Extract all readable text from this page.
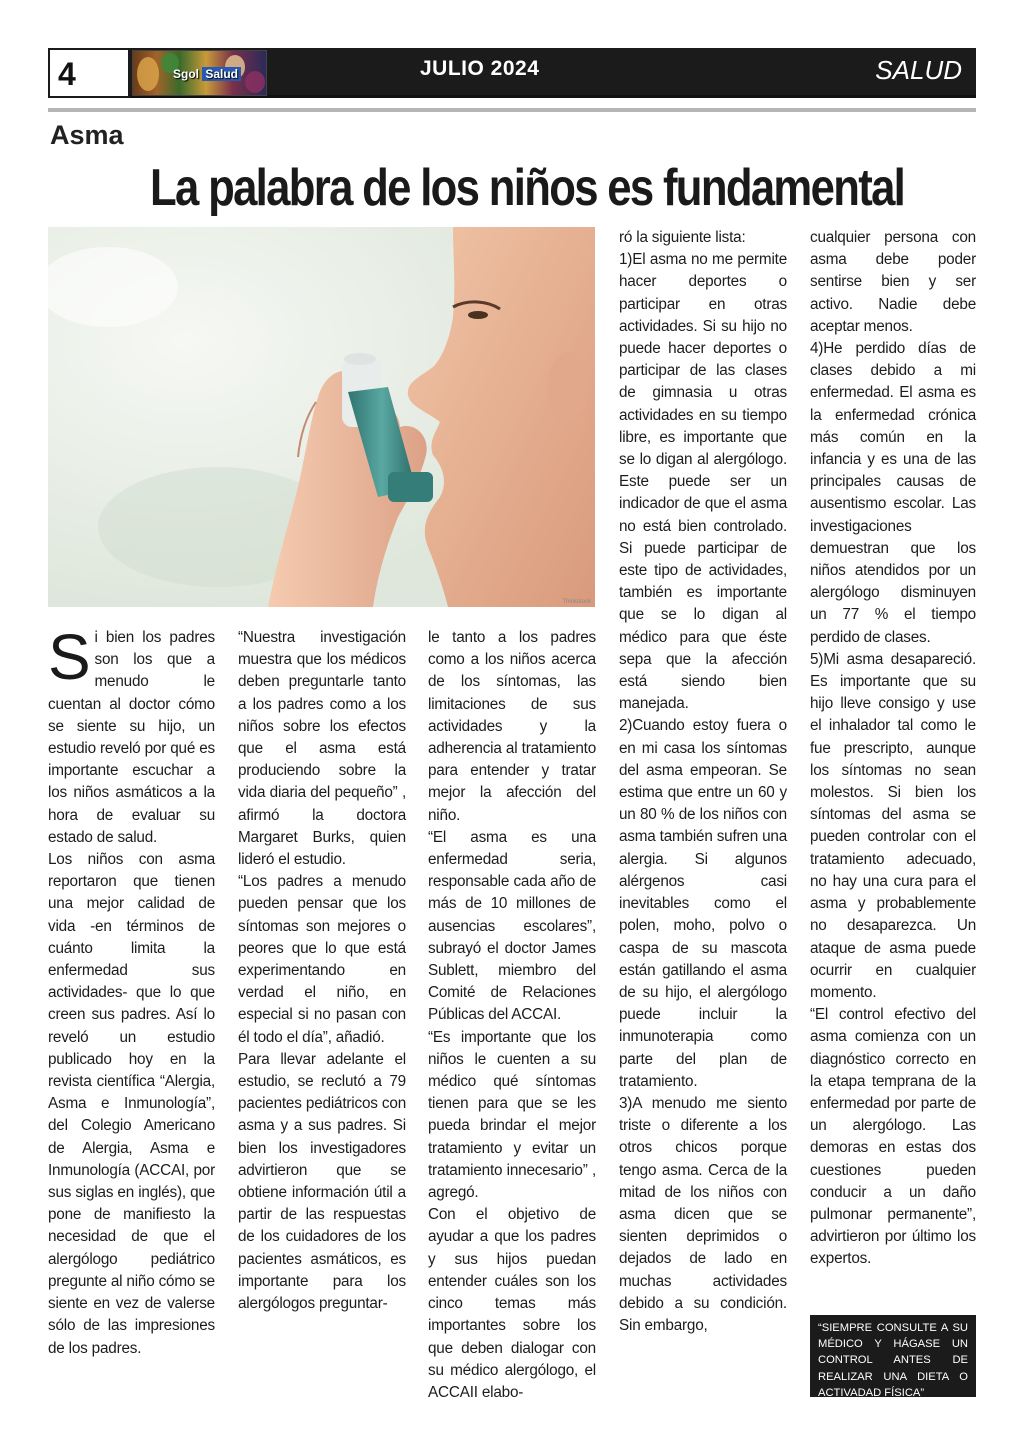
4	Sgol Salud	JULIO 2024	SALUD
Asma
La palabra de los niños es fundamental
Thinkstock
S i bien los padres son los que a menudo le cuentan al doctor cómo se siente su hijo, un estudio reveló por qué es importante escuchar a los niños asmáticos a la hora de evaluar su estado de salud.

Los niños con asma reportaron que tienen una mejor calidad de vida -en términos de cuánto limita la enfermedad sus actividades- que lo que creen sus padres. Así lo reveló un estudio publicado hoy en la revista científica “Alergia, Asma e Inmunología”, del Colegio Americano de Alergia, Asma e Inmunología (ACCAI, por sus siglas en inglés), que pone de manifiesto la necesidad de que el alergólogo pediátrico pregunte al niño cómo se siente en vez de valerse sólo de las impresiones de los padres.

“Nuestra investigación muestra que los médicos deben preguntarle tanto a los padres como a los niños sobre los efectos que el asma está produciendo sobre la vida diaria del pequeño” , afirmó la doctora Margaret Burks, quien lideró el estudio.

“Los padres a menudo pueden pensar que los síntomas son mejores o peores que lo que está experimentando en verdad el niño, en especial si no pasan con él todo el día”, añadió.

Para llevar adelante el estudio, se reclutó a 79 pacientes pediátricos con asma y a sus padres. Si bien los investigadores advirtieron que se obtiene información útil a partir de las respuestas de los cuidadores de los pacientes asmáticos, es importante para los alergólogos preguntar-

le tanto a los padres como a los niños acerca de los síntomas, las limitaciones de sus actividades y la adherencia al tratamiento para entender y tratar mejor la afección del niño.

“El asma es una enfermedad seria, responsable cada año de más de 10 millones de ausencias escolares”, subrayó el doctor James Sublett, miembro del Comité de Relaciones Públicas del ACCAI.

“Es importante que los niños le cuenten a su médico qué síntomas tienen para que se les pueda brindar el mejor tratamiento y evitar un tratamiento innecesario” , agregó.

Con el objetivo de ayudar a que los padres y sus hijos puedan entender cuáles son los cinco temas más importantes sobre los que deben dialogar con su médico alergólogo, el ACCAII elabo-

ró la siguiente lista:

1)El asma no me permite hacer deportes o participar en otras actividades. Si su hijo no puede hacer deportes o participar de las clases de gimnasia u otras actividades en su tiempo libre, es importante que se lo digan al alergólogo. Este puede ser un indicador de que el asma no está bien controlado. Si puede participar de este tipo de actividades, también es importante que se lo digan al médico para que éste sepa que la afección está siendo bien manejada.

2)Cuando estoy fuera o en mi casa los síntomas del asma empeoran. Se estima que entre un 60 y un 80 % de los niños con asma también sufren una alergia. Si algunos alérgenos casi inevitables como el polen, moho, polvo o caspa de su mascota están gatillando el asma de su hijo, el alergólogo puede incluir la inmunoterapia como parte del plan de tratamiento.

3)A menudo me siento triste o diferente a los otros chicos porque tengo asma. Cerca de la mitad de los niños con asma dicen que se sienten deprimidos o dejados de lado en muchas actividades debido a su condición. Sin embargo,

cualquier persona con asma debe poder sentirse bien y ser activo. Nadie debe aceptar menos.

4)He perdido días de clases debido a mi enfermedad. El asma es la enfermedad crónica más común en la infancia y es una de las principales causas de ausentismo escolar. Las investigaciones demuestran que los niños atendidos por un alergólogo disminuyen un 77 % el tiempo perdido de clases.

5)Mi asma desapareció. Es importante que su hijo lleve consigo y use el inhalador tal como le fue prescripto, aunque los síntomas no sean molestos. Si bien los síntomas del asma se pueden controlar con el tratamiento adecuado, no hay una cura para el asma y probablemente no desaparezca. Un ataque de asma puede ocurrir en cualquier momento.

“El control efectivo del asma comienza con un diagnóstico correcto en la etapa temprana de la enfermedad por parte de un alergólogo. Las demoras en estas dos cuestiones pueden conducir a un daño pulmonar permanente”, advirtieron por último los expertos.

“SIEMPRE CONSULTE A SU MÉDICO Y HÁGASE UN CONTROL ANTES DE REALIZAR UNA DIETA O ACTIVADAD FÍSICA”
